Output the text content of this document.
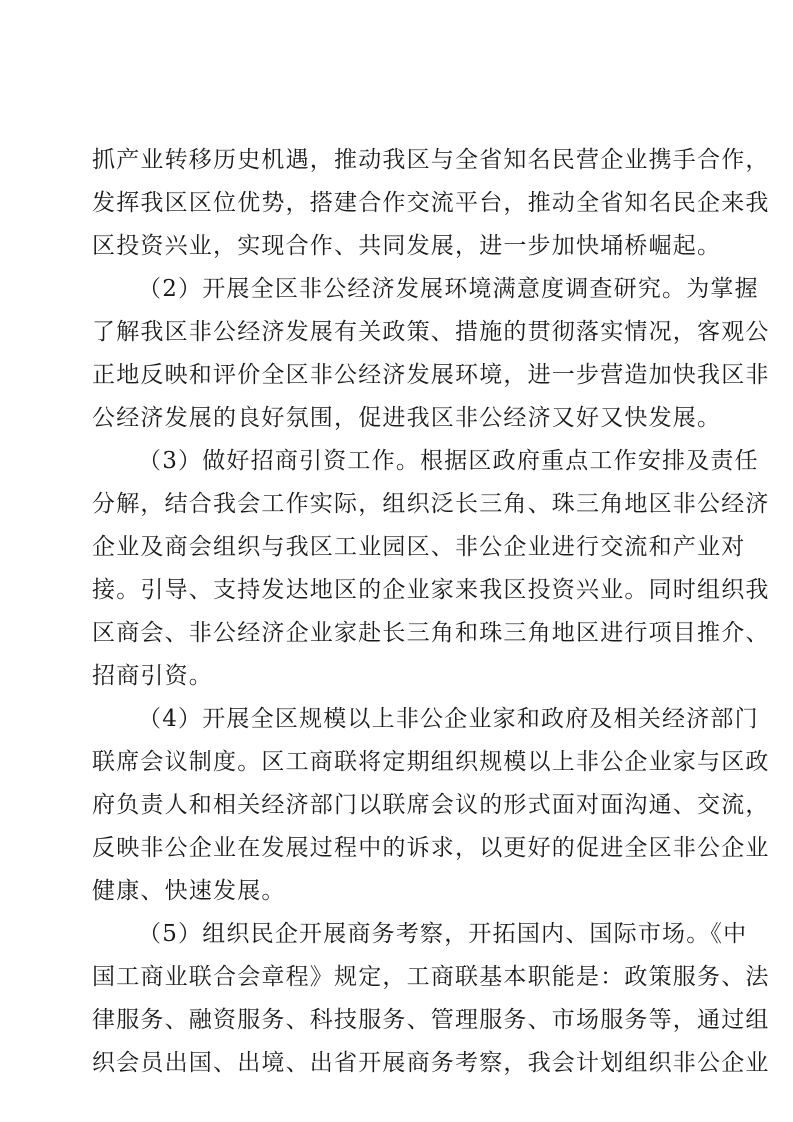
抓产业转移历史机遇，推动我区与全省知名民营企业携手合作，
发挥我区区位优势，搭建合作交流平台，推动全省知名民企来我
区投资兴业，实现合作、共同发展，进一步加快埇桥崛起。
（2）开展全区非公经济发展环境满意度调查研究。为掌握
了解我区非公经济发展有关政策、措施的贯彻落实情况，客观公
正地反映和评价全区非公经济发展环境，进一步营造加快我区非
公经济发展的良好氛围，促进我区非公经济又好又快发展。
（3）做好招商引资工作。根据区政府重点工作安排及责任
分解，结合我会工作实际，组织泛长三角、珠三角地区非公经济
企业及商会组织与我区工业园区、非公企业进行交流和产业对
接。引导、支持发达地区的企业家来我区投资兴业。同时组织我
区商会、非公经济企业家赴长三角和珠三角地区进行项目推介、
招商引资。
（4）开展全区规模以上非公企业家和政府及相关经济部门
联席会议制度。区工商联将定期组织规模以上非公企业家与区政
府负责人和相关经济部门以联席会议的形式面对面沟通、交流，
反映非公企业在发展过程中的诉求，以更好的促进全区非公企业
健康、快速发展。
（5）组织民企开展商务考察，开拓国内、国际市场。《中
国工商业联合会章程》规定，工商联基本职能是：政策服务、法
律服务、融资服务、科技服务、管理服务、市场服务等，通过组
织会员出国、出境、出省开展商务考察，我会计划组织非公企业
